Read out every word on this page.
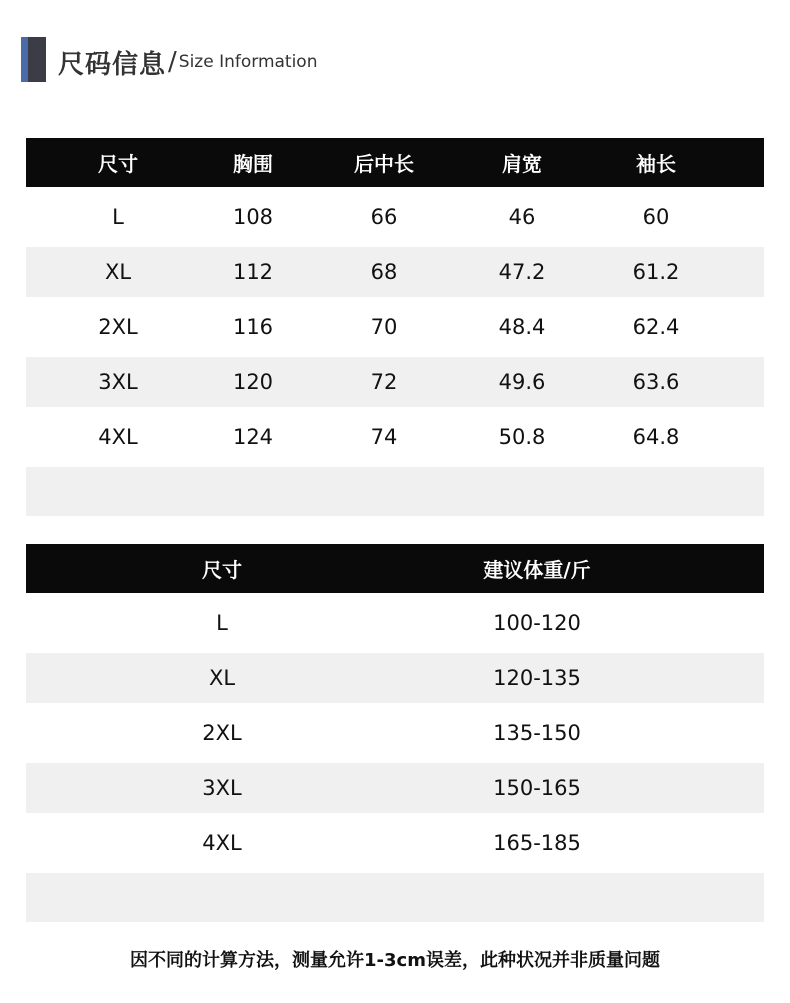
尺码信息 / Size Information
尺寸	胸围	后中长	肩宽	袖长
L	108	66	46	60
XL	112	68	47.2	61.2
2XL	116	70	48.4	62.4
3XL	120	72	49.6	63.6
4XL	124	74	50.8	64.8
尺寸	建议体重/斤
L	100-120
XL	120-135
2XL	135-150
3XL	150-165
4XL	165-185
因不同的计算方法，测量允许1-3cm误差，此种状况并非质量问题
